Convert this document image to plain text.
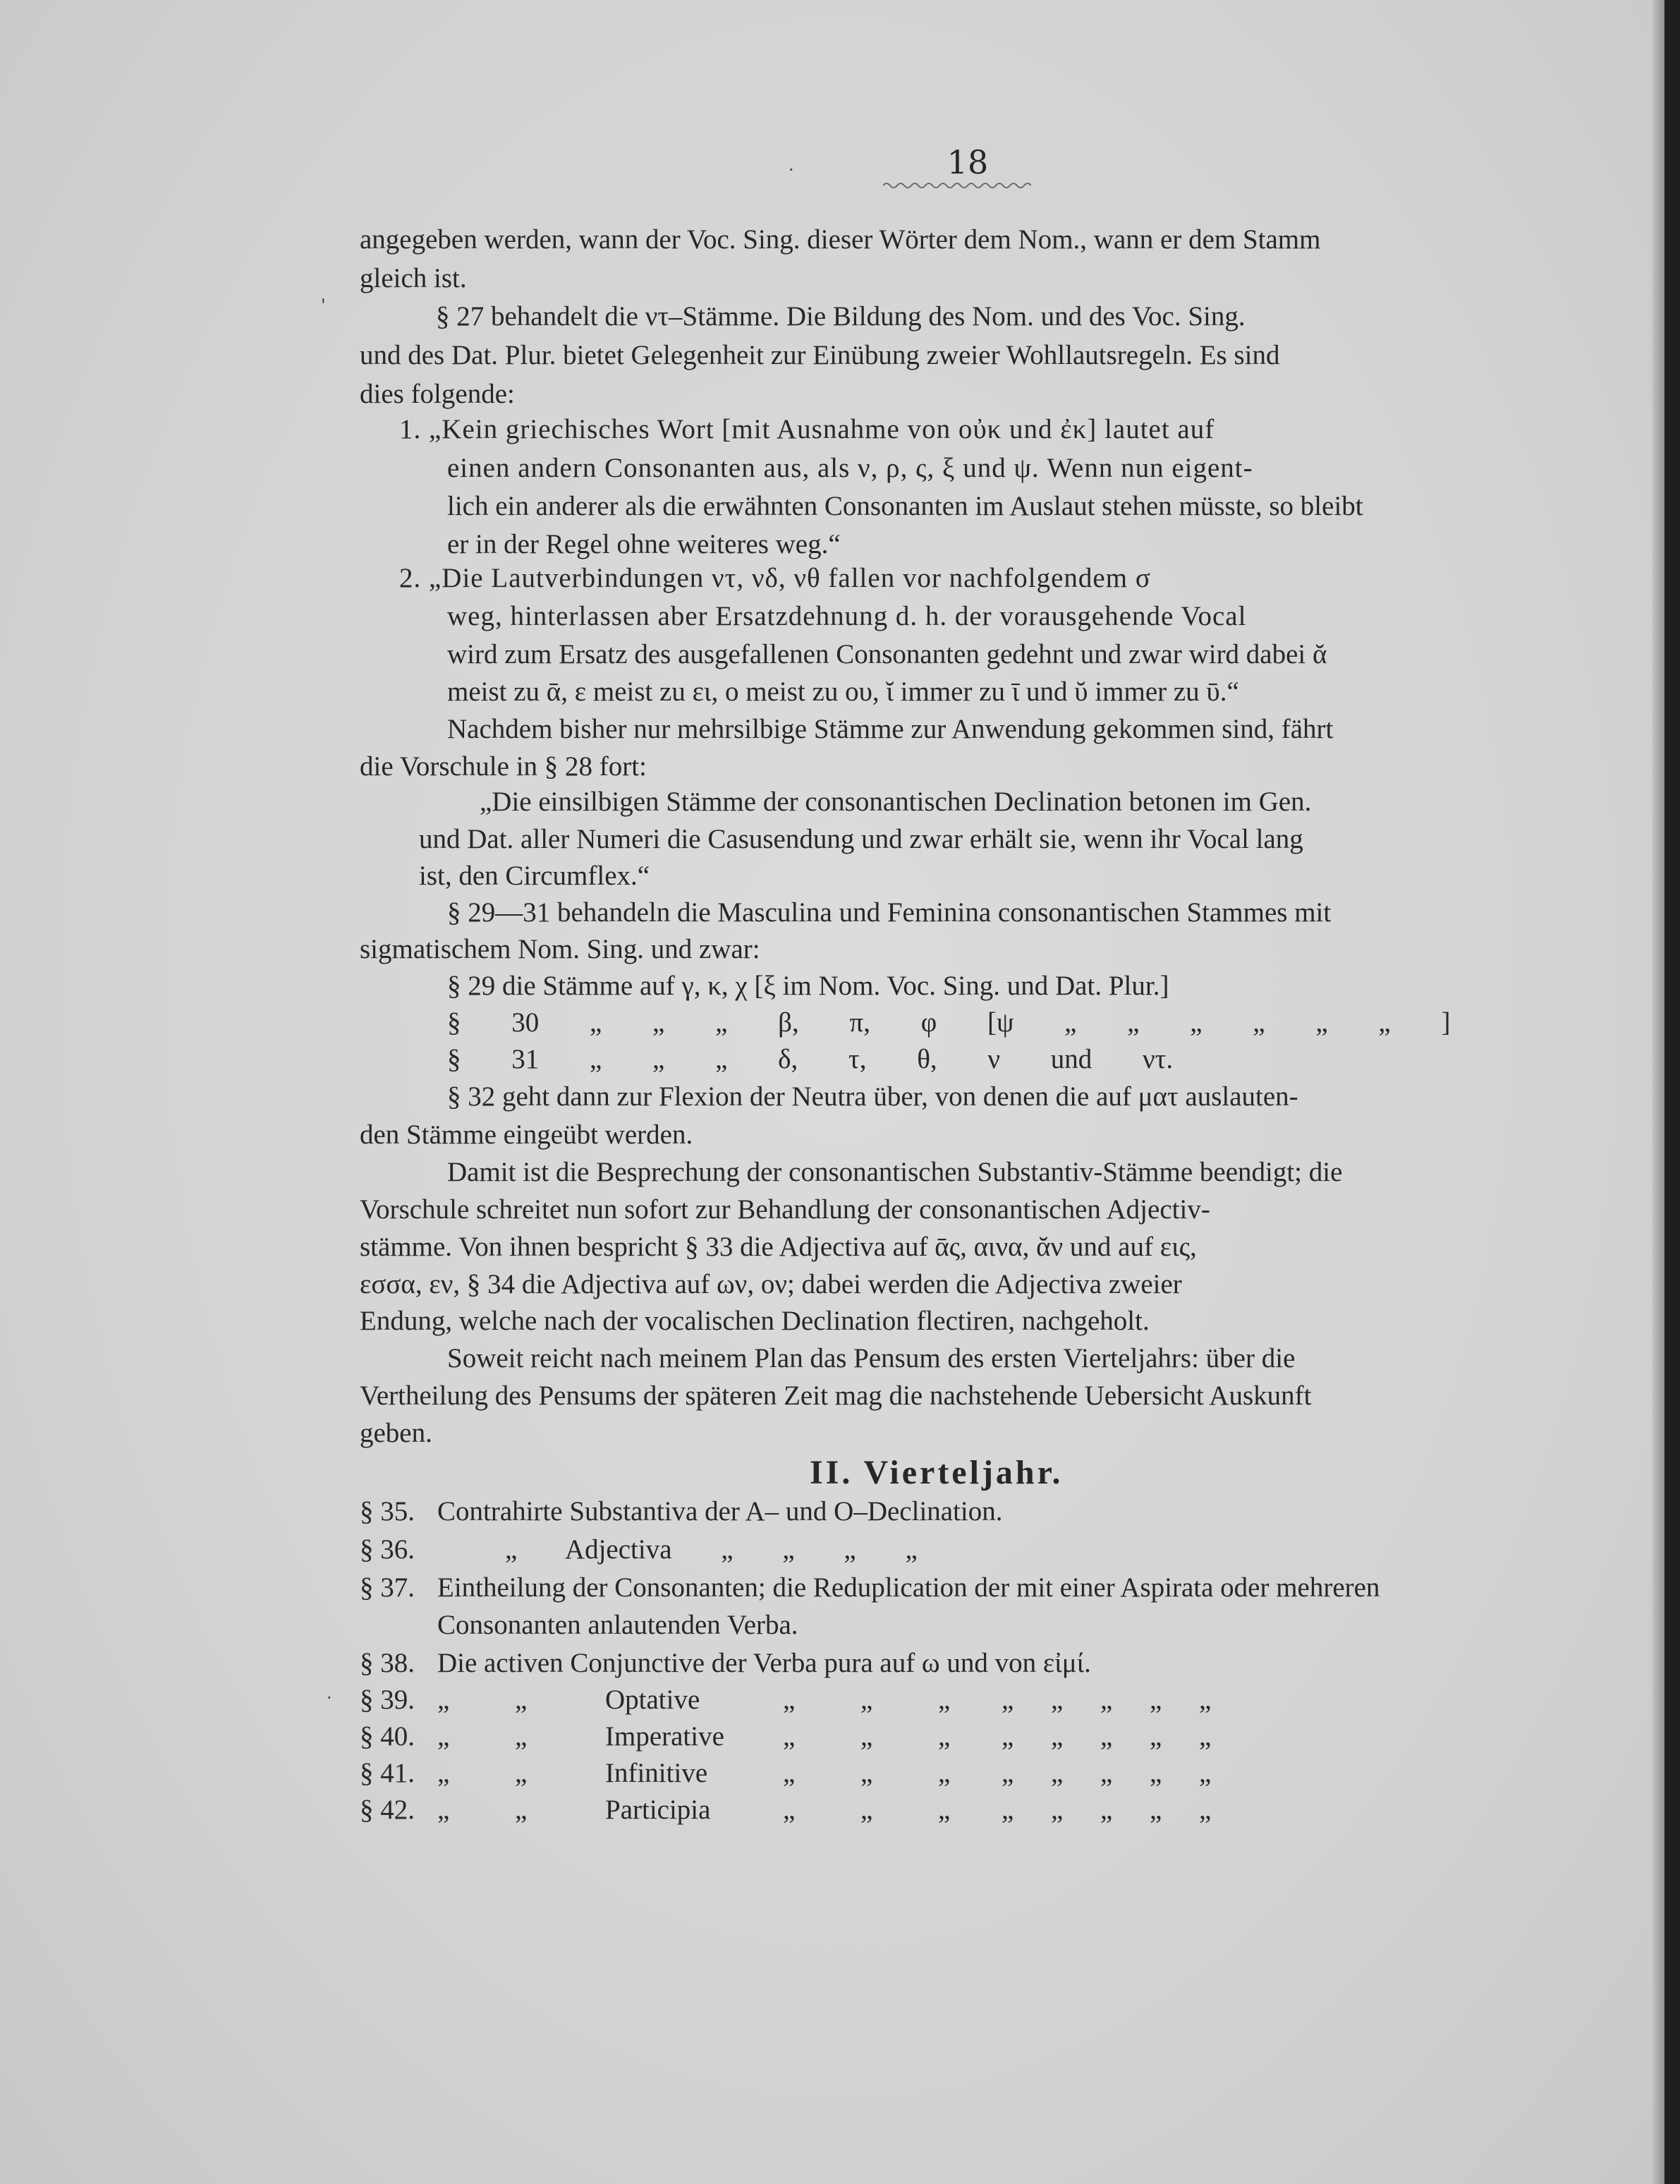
18
·
'
·
angegeben werden, wann der Voc. Sing. dieser Wörter dem Nom., wann er dem Stamm
gleich ist.
§ 27 behandelt die ντ–Stämme. Die Bildung des Nom. und des Voc. Sing.
und des Dat. Plur. bietet Gelegenheit zur Einübung zweier Wohllautsregeln. Es sind
dies folgende:
1. „Kein griechisches Wort [mit Ausnahme von οὐκ und ἐκ] lautet auf
einen andern Consonanten aus, als ν, ρ, ς, ξ und ψ. Wenn nun eigent-
lich ein anderer als die erwähnten Consonanten im Auslaut stehen müsste, so bleibt
er in der Regel ohne weiteres weg.“
2. „Die Lautverbindungen ντ, νδ, νθ fallen vor nachfolgendem σ
weg, hinterlassen aber Ersatzdehnung d. h. der vorausgehende Vocal
wird zum Ersatz des ausgefallenen Consonanten gedehnt und zwar wird dabei ᾰ
meist zu ᾱ, ε meist zu ει, ο meist zu ου, ῐ immer zu ῑ und ῠ immer zu ῡ.“
Nachdem bisher nur mehrsilbige Stämme zur Anwendung gekommen sind, fährt
die Vorschule in § 28 fort:
„Die einsilbigen Stämme der consonantischen Declination betonen im Gen.
und Dat. aller Numeri die Casusendung und zwar erhält sie, wenn ihr Vocal lang
ist, den Circumflex.“
§ 29—31 behandeln die Masculina und Feminina consonantischen Stammes mit
sigmatischem Nom. Sing. und zwar:
§ 29 die Stämme auf γ, κ, χ [ξ im Nom. Voc. Sing. und Dat. Plur.]
§ 30 „ „ „ β, π, φ [ψ „ „ „ „ „ „ ]
§ 31 „ „ „ δ, τ, θ, ν und ντ.
§ 32 geht dann zur Flexion der Neutra über, von denen die auf ματ auslauten-
den Stämme eingeübt werden.
Damit ist die Besprechung der consonantischen Substantiv-Stämme beendigt; die
Vorschule schreitet nun sofort zur Behandlung der consonantischen Adjectiv-
stämme. Von ihnen bespricht § 33 die Adjectiva auf ᾱς, αινα, ᾰν und auf εις,
εσσα, εν, § 34 die Adjectiva auf ων, ον; dabei werden die Adjectiva zweier
Endung, welche nach der vocalischen Declination flectiren, nachgeholt.
Soweit reicht nach meinem Plan das Pensum des ersten Vierteljahrs: über die
Vertheilung des Pensums der späteren Zeit mag die nachstehende Uebersicht Auskunft
geben.
II. Vierteljahr.
§ 35. Contrahirte Substantiva der A– und O–Declination.
§ 36.	„ Adjectiva „ „ „ „
§ 37. Eintheilung der Consonanten; die Reduplication der mit einer Aspirata oder mehreren
Consonanten anlautenden Verba.
§ 38. Die activen Conjunctive der Verba pura auf ω und von εἰμί.
§ 39. „ „	Optative	„ „ „ „ „ „ „ „
§ 40. „ „	Imperative „ „ „ „ „ „ „ „
§ 41. „ „	Infinitive	„ „ „ „ „ „ „ „
§ 42. „ „	Participia	„ „ „ „ „ „ „ „
